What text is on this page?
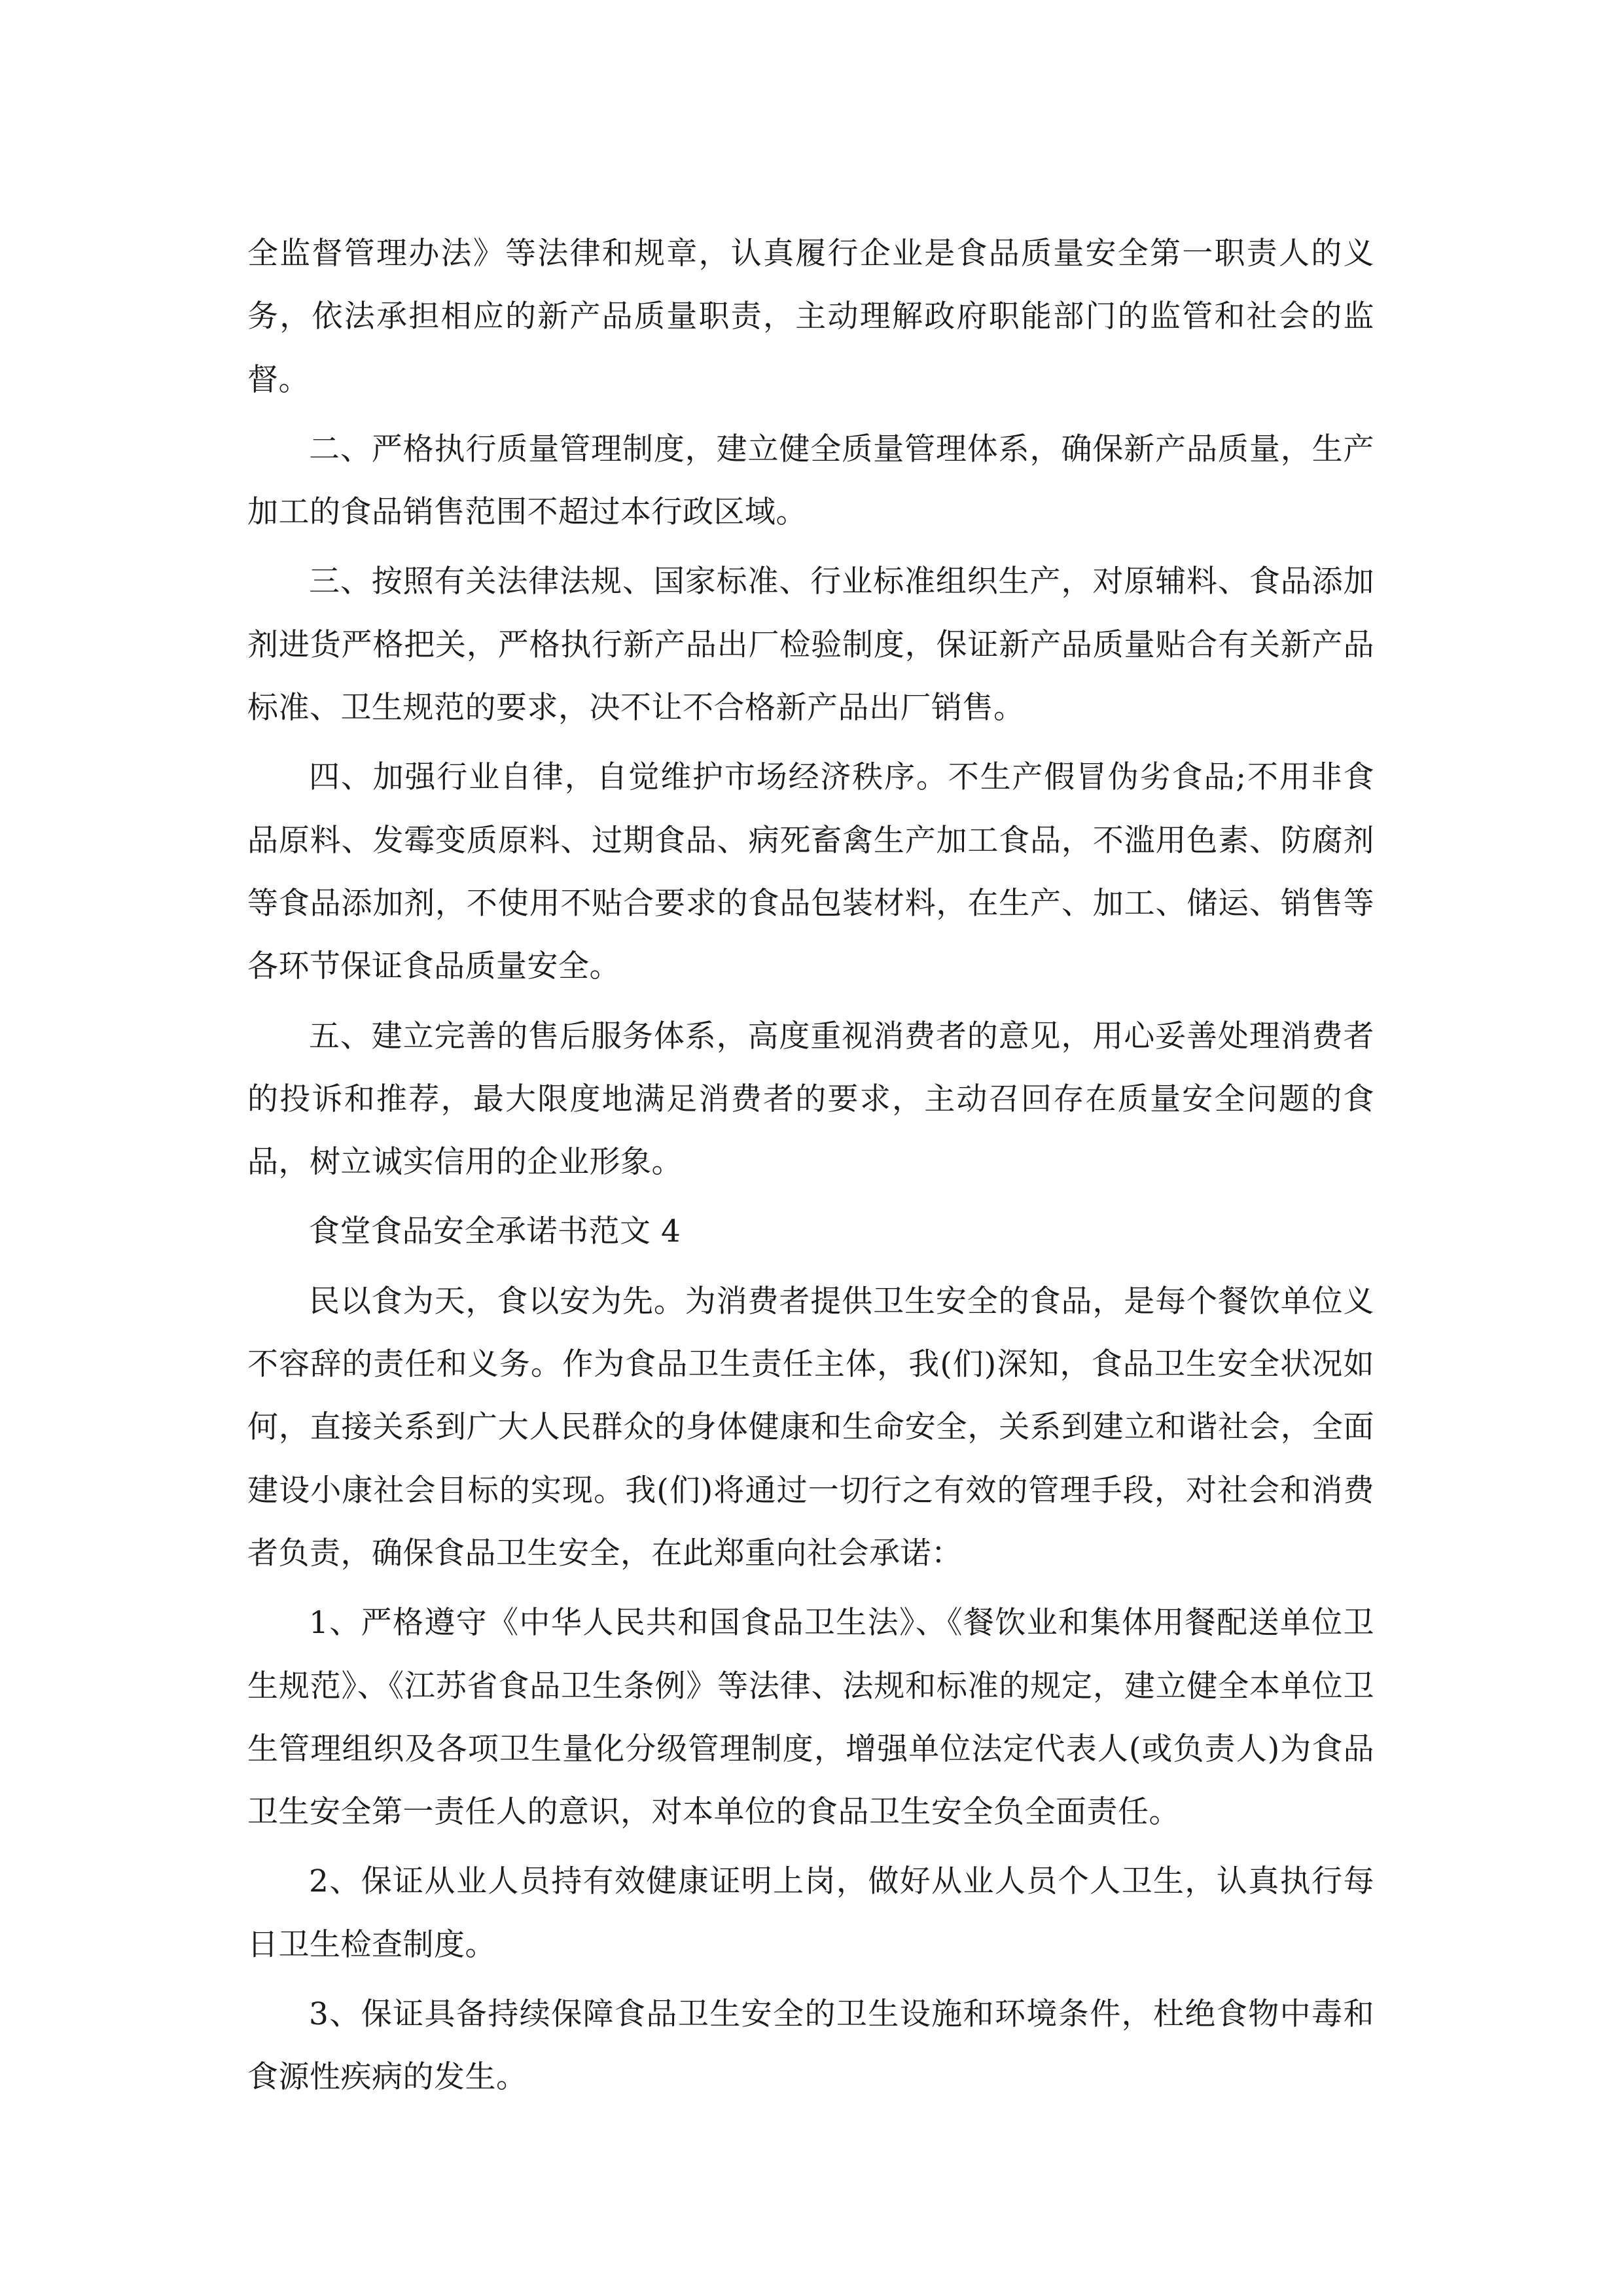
全监督管理办法》等法律和规章，认真履行企业是食品质量安全第一职责人的义务，依法承担相应的新产品质量职责，主动理解政府职能部门的监管和社会的监督。

二、严格执行质量管理制度，建立健全质量管理体系，确保新产品质量，生产加工的食品销售范围不超过本行政区域。

三、按照有关法律法规、国家标准、行业标准组织生产，对原辅料、食品添加剂进货严格把关，严格执行新产品出厂检验制度，保证新产品质量贴合有关新产品标准、卫生规范的要求，决不让不合格新产品出厂销售。

四、加强行业自律，自觉维护市场经济秩序。不生产假冒伪劣食品;不用非食品原料、发霉变质原料、过期食品、病死畜禽生产加工食品，不滥用色素、防腐剂等食品添加剂，不使用不贴合要求的食品包装材料，在生产、加工、储运、销售等各环节保证食品质量安全。

五、建立完善的售后服务体系，高度重视消费者的意见，用心妥善处理消费者的投诉和推荐，最大限度地满足消费者的要求，主动召回存在质量安全问题的食品，树立诚实信用的企业形象。

食堂食品安全承诺书范文 4

民以食为天，食以安为先。为消费者提供卫生安全的食品，是每个餐饮单位义不容辞的责任和义务。作为食品卫生责任主体，我(们)深知，食品卫生安全状况如何，直接关系到广大人民群众的身体健康和生命安全，关系到建立和谐社会，全面建设小康社会目标的实现。我(们)将通过一切行之有效的管理手段，对社会和消费者负责，确保食品卫生安全，在此郑重向社会承诺：

1、严格遵守《中华人民共和国食品卫生法》、《餐饮业和集体用餐配送单位卫生规范》、《江苏省食品卫生条例》等法律、法规和标准的规定，建立健全本单位卫生管理组织及各项卫生量化分级管理制度，增强单位法定代表人(或负责人)为食品卫生安全第一责任人的意识，对本单位的食品卫生安全负全面责任。

2、保证从业人员持有效健康证明上岗，做好从业人员个人卫生，认真执行每日卫生检查制度。

3、保证具备持续保障食品卫生安全的卫生设施和环境条件，杜绝食物中毒和食源性疾病的发生。
